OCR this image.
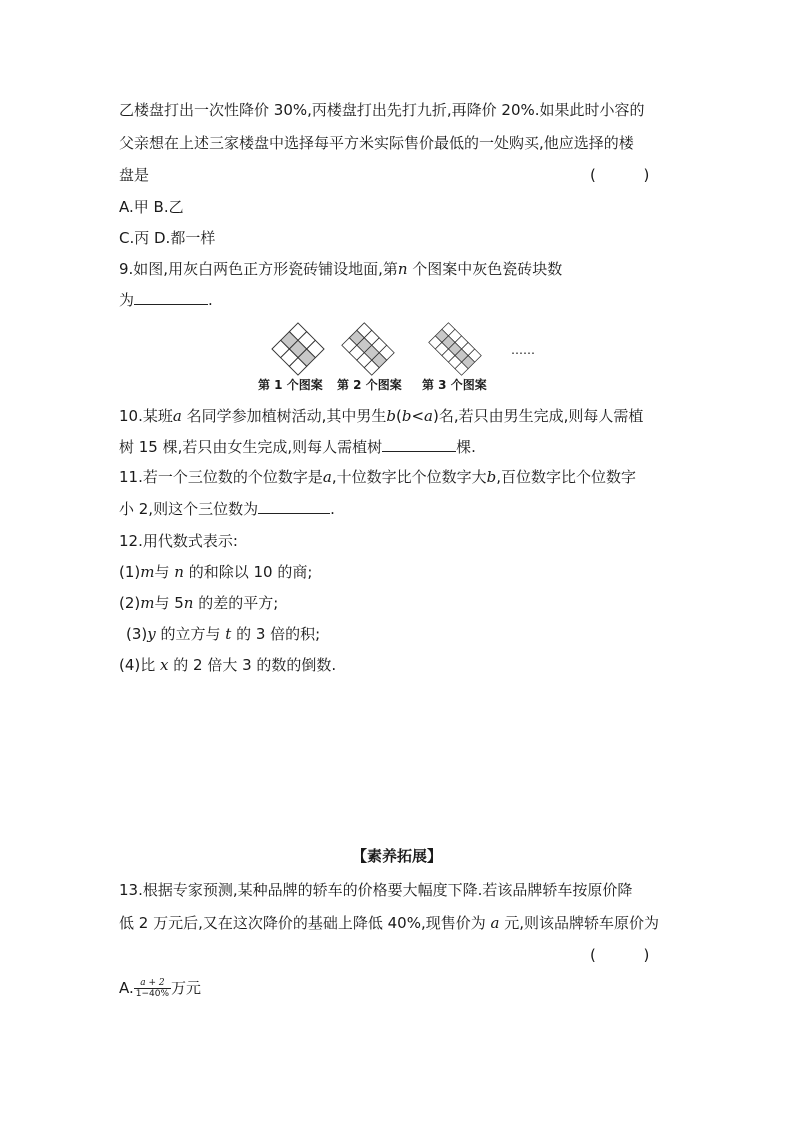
乙楼盘打出一次性降价 30%,丙楼盘打出先打九折,再降价 20%.如果此时小容的
父亲想在上述三家楼盘中选择每平方米实际售价最低的一处购买,他应选择的楼
盘是	(          )
A.甲 B.乙
C.丙 D.都一样
9.如图,用灰白两色正方形瓷砖铺设地面,第n 个图案中灰色瓷砖块数
为	.
……
第 1 个图案 第 2 个图案 第 3 个图案
10.某班a 名同学参加植树活动,其中男生b(b<a)名,若只由男生完成,则每人需植
树 15 棵,若只由女生完成,则每人需植树	棵.
11.若一个三位数的个位数字是a,十位数字比个位数字大b,百位数字比个位数字
小 2,则这个三位数为	.
12.用代数式表示:
(1)m与 n 的和除以 10 的商;
(2)m与 5n 的差的平方;
(3)y 的立方与 t 的 3 倍的积;
(4)比 x 的 2 倍大 3 的数的倒数.
【素养拓展】
13.根据专家预测,某种品牌的轿车的价格要大幅度下降.若该品牌轿车按原价降
低 2 万元后,又在这次降价的基础上降低 40%,现售价为 a 元,则该品牌轿车原价为
(          )
A. $\frac{a + 2}{1-40\%}$ 万元
